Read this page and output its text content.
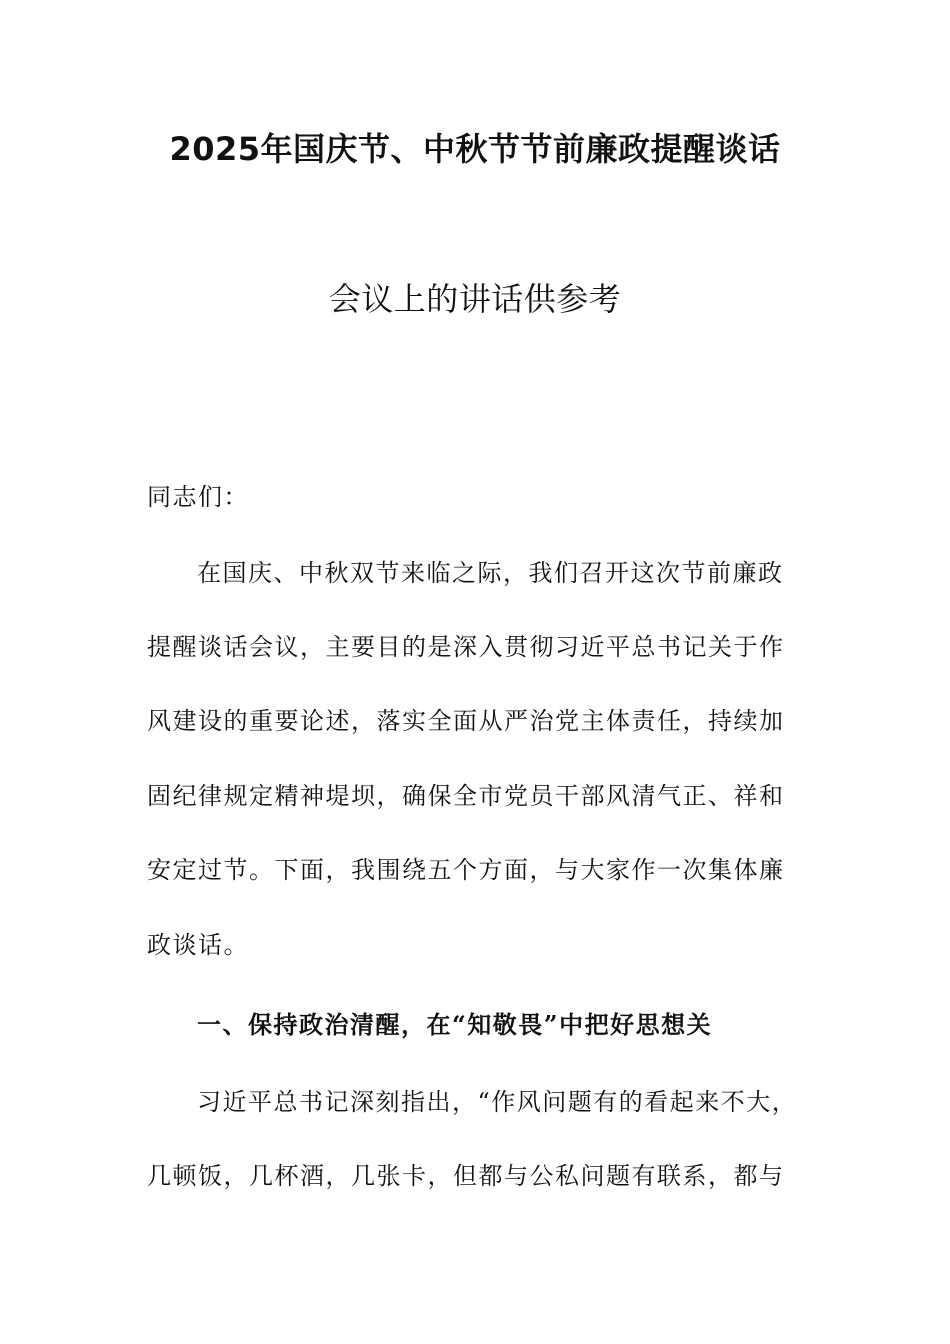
2025年国庆节、中秋节节前廉政提醒谈话
会议上的讲话供参考
同志们：
在国庆、中秋双节来临之际，我们召开这次节前廉政
提醒谈话会议，主要目的是深入贯彻习近平总书记关于作
风建设的重要论述，落实全面从严治党主体责任，持续加
固纪律规定精神堤坝，确保全市党员干部风清气正、祥和
安定过节。下面，我围绕五个方面，与大家作一次集体廉
政谈话。
一、保持政治清醒，在“知敬畏”中把好思想关
习近平总书记深刻指出，“作风问题有的看起来不大，
几顿饭，几杯酒，几张卡，但都与公私问题有联系，都与
